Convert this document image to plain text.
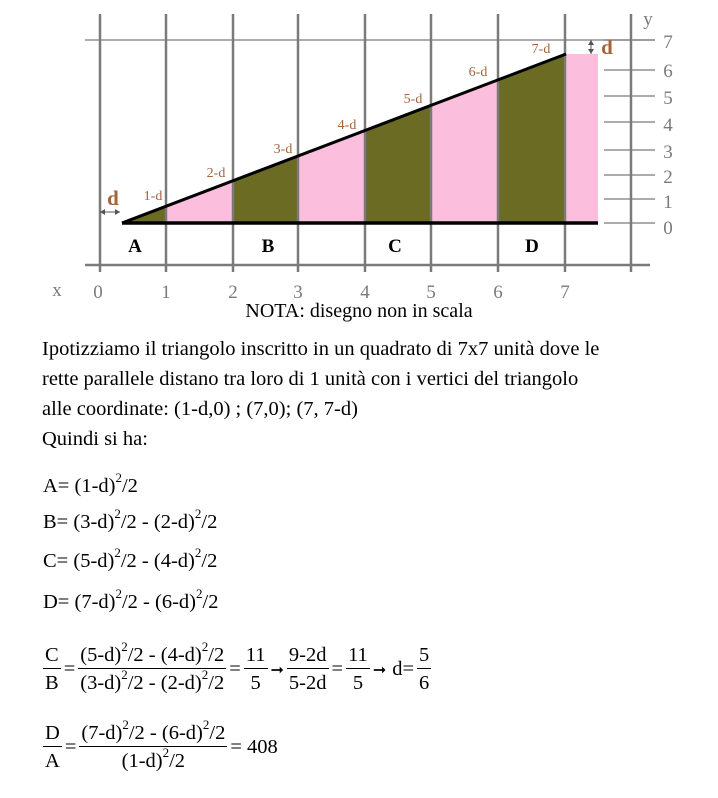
y
x
0
1
2
3
4
5
6
7
0	1	2	3	4	5	6	7
1-d
2-d
3-d
4-d
5-d
6-d
7-d
A	B	C	D
d
d
NOTA: disegno non in scala
Ipotizziamo il triangolo inscritto in un quadrato di 7x7 unità dove le
rette parallele distano tra loro di 1 unità con i vertici del triangolo
alle coordinate: (1-d,0) ; (7,0); (7, 7-d)
Quindi si ha:
$A= (1-d)^2/2$
$B= (3-d)^2/2 - (2-d)^2/2$
$C= (5-d)^2/2 - (4-d)^2/2$
$D= (7-d)^2/2 - (6-d)^2/2$
$\frac{C}{B} = \frac{(5-d)^2/2 - (4-d)^2/2}{(3-d)^2/2 - (2-d)^2/2} = \frac{11}{5}$ ➞ $\frac{9-2d}{5-2d} = \frac{11}{5}$ ➞ $d= \frac{5}{6}$
$\frac{D}{A} = \frac{(7-d)^2/2 - (6-d)^2/2}{(1-d)^2/2} = 408$
